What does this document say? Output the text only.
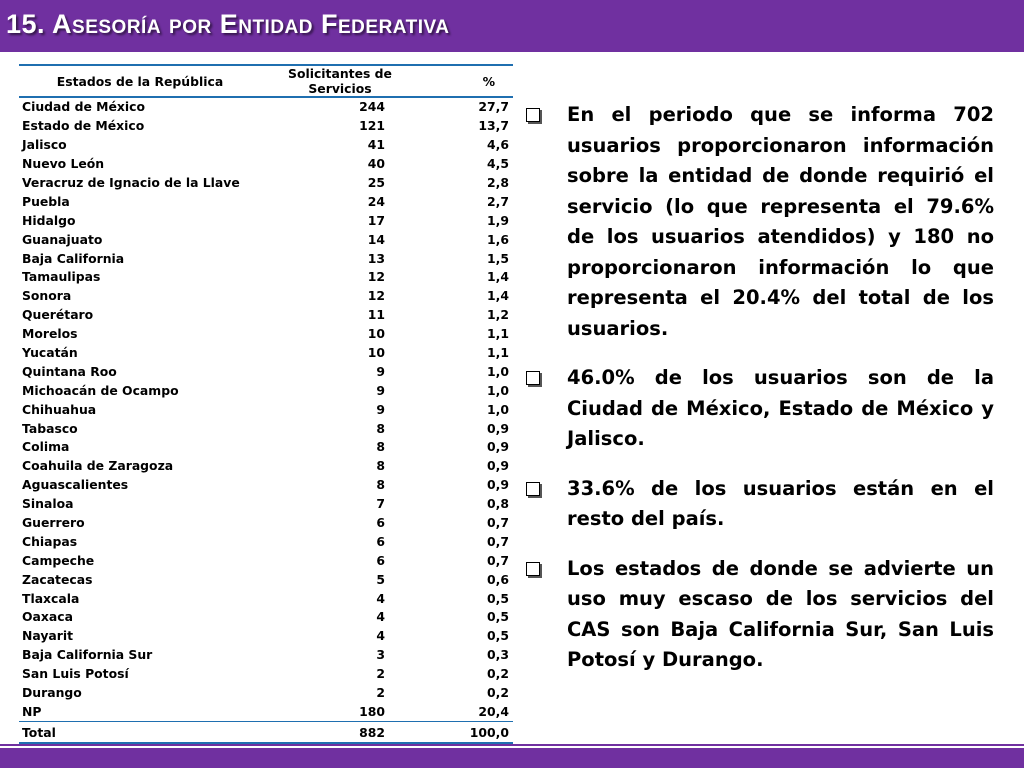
15. Asesoría por Entidad Federativa
Estados de la República	Solicitantes de Servicios	%
Ciudad de México	244	27,7
Estado de México	121	13,7
Jalisco	41	4,6
Nuevo León	40	4,5
Veracruz de Ignacio de la Llave	25	2,8
Puebla	24	2,7
Hidalgo	17	1,9
Guanajuato	14	1,6
Baja California	13	1,5
Tamaulipas	12	1,4
Sonora	12	1,4
Querétaro	11	1,2
Morelos	10	1,1
Yucatán	10	1,1
Quintana Roo	9	1,0
Michoacán de Ocampo	9	1,0
Chihuahua	9	1,0
Tabasco	8	0,9
Colima	8	0,9
Coahuila de Zaragoza	8	0,9
Aguascalientes	8	0,9
Sinaloa	7	0,8
Guerrero	6	0,7
Chiapas	6	0,7
Campeche	6	0,7
Zacatecas	5	0,6
Tlaxcala	4	0,5
Oaxaca	4	0,5
Nayarit	4	0,5
Baja California Sur	3	0,3
San Luis Potosí	2	0,2
Durango	2	0,2
NP	180	20,4
Total	882	100,0
En el periodo que se informa 702 usuarios proporcionaron información sobre la entidad de donde requirió el servicio (lo que representa el 79.6% de los usuarios atendidos) y 180 no proporcionaron información lo que representa el 20.4% del total de los usuarios.
46.0% de los usuarios son de la Ciudad de México, Estado de México y Jalisco.
33.6% de los usuarios están en el resto del país.
Los estados de donde se advierte un uso muy escaso de los servicios del CAS son Baja California Sur, San Luis Potosí y Durango.
